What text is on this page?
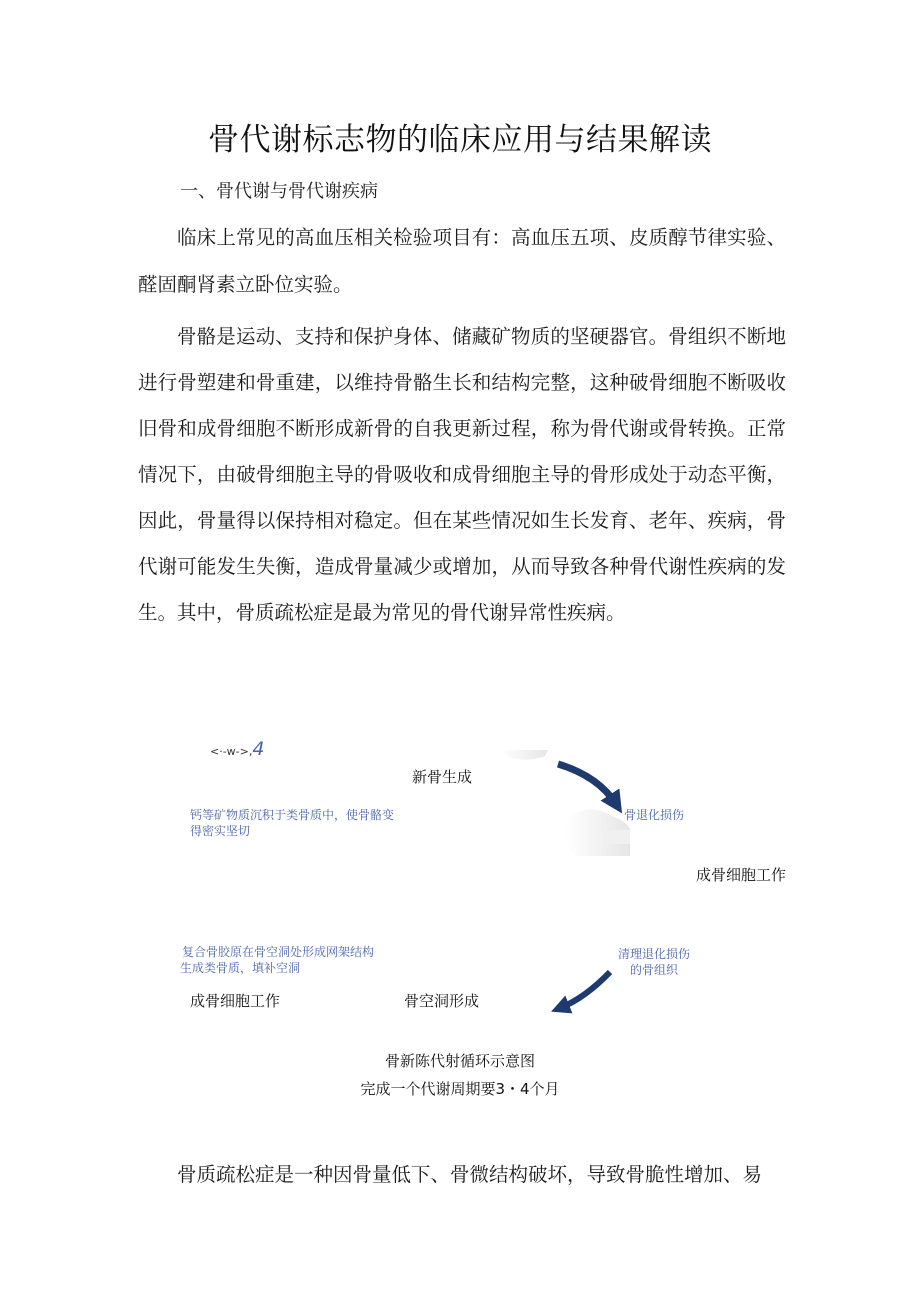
骨代谢标志物的临床应用与结果解读
一、骨代谢与骨代谢疾病

临床上常见的高血压相关检验项目有：高血压五项、皮质醇节律实验、醛固酮肾素立卧位实验。

骨骼是运动、支持和保护身体、储藏矿物质的坚硬器官。骨组织不断地进行骨塑建和骨重建，以维持骨骼生长和结构完整，这种破骨细胞不断吸收旧骨和成骨细胞不断形成新骨的自我更新过程，称为骨代谢或骨转换。正常情况下，由破骨细胞主导的骨吸收和成骨细胞主导的骨形成处于动态平衡，因此，骨量得以保持相对稳定。但在某些情况如生长发育、老年、疾病，骨代谢可能发生失衡，造成骨量减少或增加，从而导致各种骨代谢性疾病的发生。其中，骨质疏松症是最为常见的骨代谢异常性疾病。

<·-w->,4
新骨生成
钙等矿物质沉积于类骨质中，使骨骼变
得密实坚切
骨退化损伤
成骨细胞工作
复合骨胶原在骨空洞处形成网架结构
生成类骨质，填补空洞
清理退化损伤
的骨组织
成骨细胞工作	骨空洞形成
骨新陈代射循环示意图
完成一个代谢周期要3・4个月

骨质疏松症是一种因骨量低下、骨微结构破坏，导致骨脆性增加、易
